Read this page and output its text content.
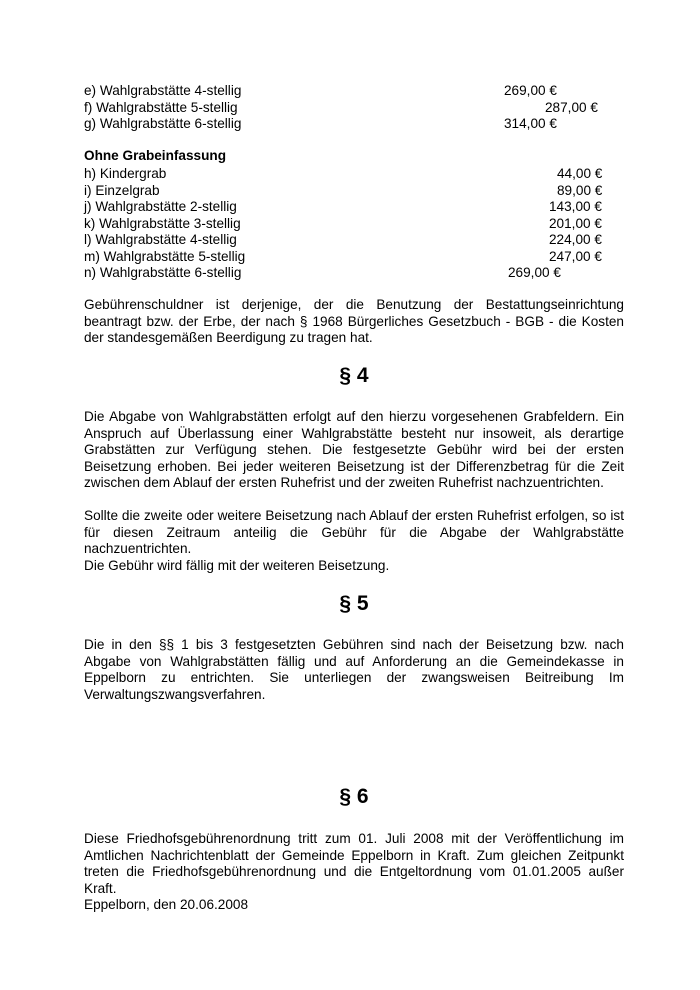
e) Wahlgrabstätte 4-stellig	269,00 €
f) Wahlgrabstätte 5-stellig	287,00 €
g) Wahlgrabstätte 6-stellig	314,00 €
Ohne Grabeinfassung
h) Kindergrab	44,00 €
i) Einzelgrab	89,00 €
j) Wahlgrabstätte 2-stellig	143,00 €
k) Wahlgrabstätte 3-stellig	201,00 €
l) Wahlgrabstätte 4-stellig	224,00 €
m) Wahlgrabstätte 5-stellig	247,00 €
n) Wahlgrabstätte 6-stellig	269,00 €

Gebührenschuldner ist derjenige, der die Benutzung der Bestattungseinrichtung beantragt bzw. der Erbe, der nach § 1968 Bürgerliches Gesetzbuch - BGB - die Kosten der standesgemäßen Beerdigung zu tragen hat.

§ 4

Die Abgabe von Wahlgrabstätten erfolgt auf den hierzu vorgesehenen Grabfeldern. Ein Anspruch auf Überlassung einer Wahlgrabstätte besteht nur insoweit, als derartige Grabstätten zur Verfügung stehen. Die festgesetzte Gebühr wird bei der ersten Beisetzung erhoben. Bei jeder weiteren Beisetzung ist der Differenzbetrag für die Zeit zwischen dem Ablauf der ersten Ruhefrist und der zweiten Ruhefrist nachzuentrichten.

Sollte die zweite oder weitere Beisetzung nach Ablauf der ersten Ruhefrist erfolgen, so ist für diesen Zeitraum anteilig die Gebühr für die Abgabe der Wahlgrabstätte nachzuentrichten.

Die Gebühr wird fällig mit der weiteren Beisetzung.

§ 5

Die in den §§ 1 bis 3 festgesetzten Gebühren sind nach der Beisetzung bzw. nach Abgabe von Wahlgrabstätten fällig und auf Anforderung an die Gemeindekasse in Eppelborn zu entrichten. Sie unterliegen der zwangsweisen Beitreibung Im Verwaltungszwangsverfahren.

§ 6

Diese Friedhofsgebührenordnung tritt zum 01. Juli 2008 mit der Veröffentlichung im Amtlichen Nachrichtenblatt der Gemeinde Eppelborn in Kraft. Zum gleichen Zeitpunkt treten die Friedhofsgebührenordnung und die Entgeltordnung vom 01.01.2005 außer Kraft.

Eppelborn, den 20.06.2008
